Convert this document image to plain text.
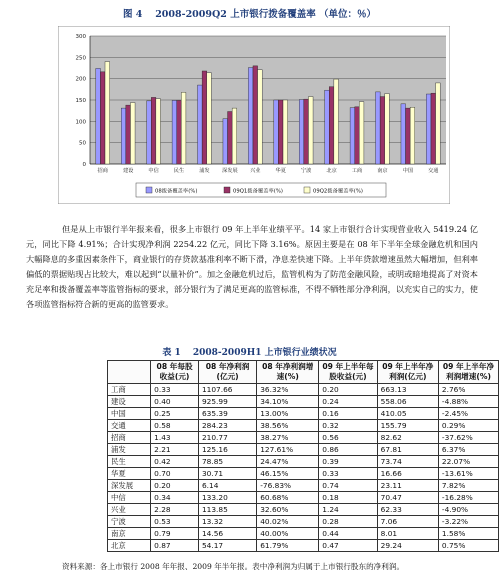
图 4　 2008-2009Q2 上市银行拨备覆盖率 （单位：％）
0
50
100
150
200
250
300
招商	建设	中信	民生	浦发 深发展 兴业	华夏	宁波	北京	工商	南京	中国	交通
08拨备覆盖率(%)	09Q1拨备覆盖率(%)	09Q2拨备覆盖率(%)

但是从上市银行半年报来看，很多上市银行 09 年上半年业绩平平。14 家上市银行合计实现营业收入 5419.24 亿元，同比下降 4.91%；合计实现净利润 2254.22 亿元，同比下降 3.16%。原因主要是在 08 年下半年全球金融危机和国内大幅降息的多重因素条件下，商业银行的存贷款基准利率不断下滑，净息差快速下降。上半年贷款增速虽然大幅增加，但利率偏低的票据贴现占比较大，难以起到“以量补价”。加之金融危机过后，监管机构为了防范金融风险，或明或暗地提高了对资本充足率和拨备覆盖率等监管指标的要求，部分银行为了满足更高的监管标准，不得不牺牲部分净利润，以充实自己的实力，使各项监管指标符合新的更高的监管要求。

表 1　 2008-2009H1 上市银行业绩状况
	08 年每股收益(元)	08 年净利润(亿元)	08 年净利润增速(%)	09 年上半年每股收益(元)	09 年上半年净利润(亿元)	09 年上半年净利润增速(%)
工商	0.33	1107.66	36.32%	0.20	663.13	2.76%
建设	0.40	925.99	34.10%	0.24	558.06	-4.88%
中国	0.25	635.39	13.00%	0.16	410.05	-2.45%
交通	0.58	284.23	38.56%	0.32	155.79	0.29%
招商	1.43	210.77	38.27%	0.56	82.62	-37.62%
浦发	2.21	125.16	127.61%	0.86	67.81	6.37%
民生	0.42	78.85	24.47%	0.39	73.74	22.07%
华夏	0.70	30.71	46.15%	0.33	16.66	-13.61%
深发展	0.20	6.14	-76.83%	0.74	23.11	7.82%
中信	0.34	133.20	60.68%	0.18	70.47	-16.28%
兴业	2.28	113.85	32.60%	1.24	62.33	-4.90%
宁波	0.53	13.32	40.02%	0.28	7.06	-3.22%
南京	0.79	14.56	40.00%	0.44	8.01	1.58%
北京	0.87	54.17	61.79%	0.47	29.24	0.75%
资料来源：各上市银行 2008 年年报、2009 年半年报。表中净利润为归属于上市银行股东的净利润。
